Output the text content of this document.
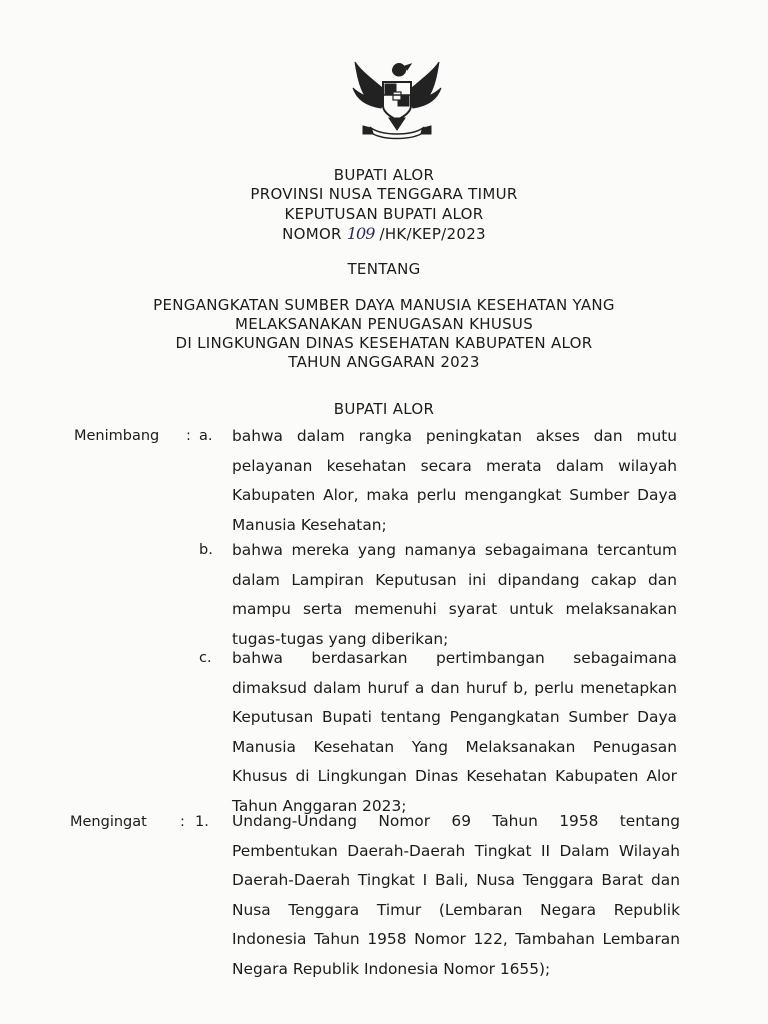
BUPATI ALOR
PROVINSI NUSA TENGGARA TIMUR
KEPUTUSAN BUPATI ALOR
NOMOR 109 /HK/KEP/2023
TENTANG
PENGANGKATAN SUMBER DAYA MANUSIA KESEHATAN YANG
MELAKSANAKAN PENUGASAN KHUSUS
DI LINGKUNGAN DINAS KESEHATAN KABUPATEN ALOR
TAHUN ANGGARAN 2023
BUPATI ALOR
Menimbang : a. bahwa dalam rangka peningkatan akses dan mutu pelayanan kesehatan secara merata dalam wilayah Kabupaten Alor, maka perlu mengangkat Sumber Daya Manusia Kesehatan;
b. bahwa mereka yang namanya sebagaimana tercantum dalam Lampiran Keputusan ini dipandang cakap dan mampu serta memenuhi syarat untuk melaksanakan tugas-tugas yang diberikan;
c. bahwa berdasarkan pertimbangan sebagaimana dimaksud dalam huruf a dan huruf b, perlu menetapkan Keputusan Bupati tentang Pengangkatan Sumber Daya Manusia Kesehatan Yang Melaksanakan Penugasan Khusus di Lingkungan Dinas Kesehatan Kabupaten Alor Tahun Anggaran 2023;
Mengingat : 1. Undang-Undang Nomor 69 Tahun 1958 tentang Pembentukan Daerah-Daerah Tingkat II Dalam Wilayah Daerah-Daerah Tingkat I Bali, Nusa Tenggara Barat dan Nusa Tenggara Timur (Lembaran Negara Republik Indonesia Tahun 1958 Nomor 122, Tambahan Lembaran Negara Republik Indonesia Nomor 1655);
